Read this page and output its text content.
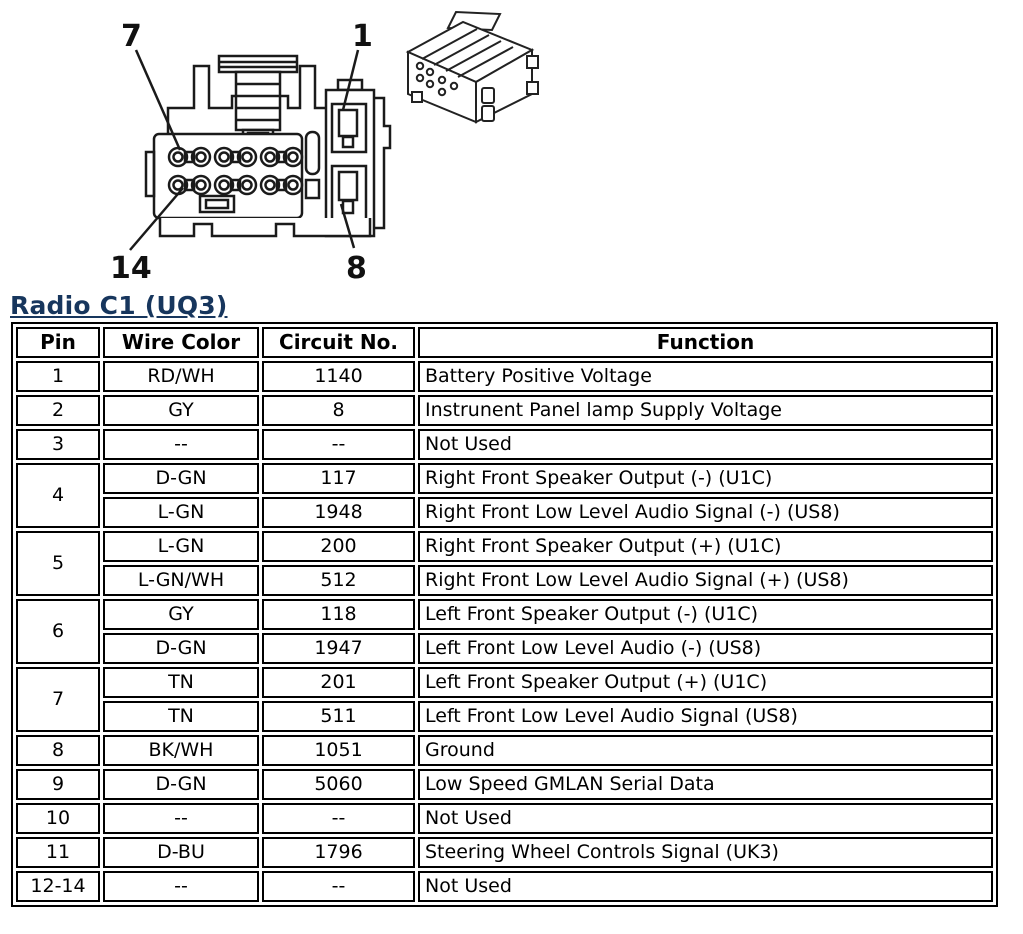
7	1
14	8
Radio C1 (UQ3)
Pin	Wire Color	Circuit No.	Function
1	RD/WH	1140	Battery Positive Voltage
2	GY	8	Instrunent Panel lamp Supply Voltage
3	--	--	Not Used
4	D-GN	117	Right Front Speaker Output (-) (U1C)
	L-GN	1948	Right Front Low Level Audio Signal (-) (US8)
5	L-GN	200	Right Front Speaker Output (+) (U1C)
	L-GN/WH	512	Right Front Low Level Audio Signal (+) (US8)
6	GY	118	Left Front Speaker Output (-) (U1C)
	D-GN	1947	Left Front Low Level Audio (-) (US8)
7	TN	201	Left Front Speaker Output (+) (U1C)
	TN	511	Left Front Low Level Audio Signal (US8)
8	BK/WH	1051	Ground
9	D-GN	5060	Low Speed GMLAN Serial Data
10	--	--	Not Used
11	D-BU	1796	Steering Wheel Controls Signal (UK3)
12-14	--	--	Not Used
